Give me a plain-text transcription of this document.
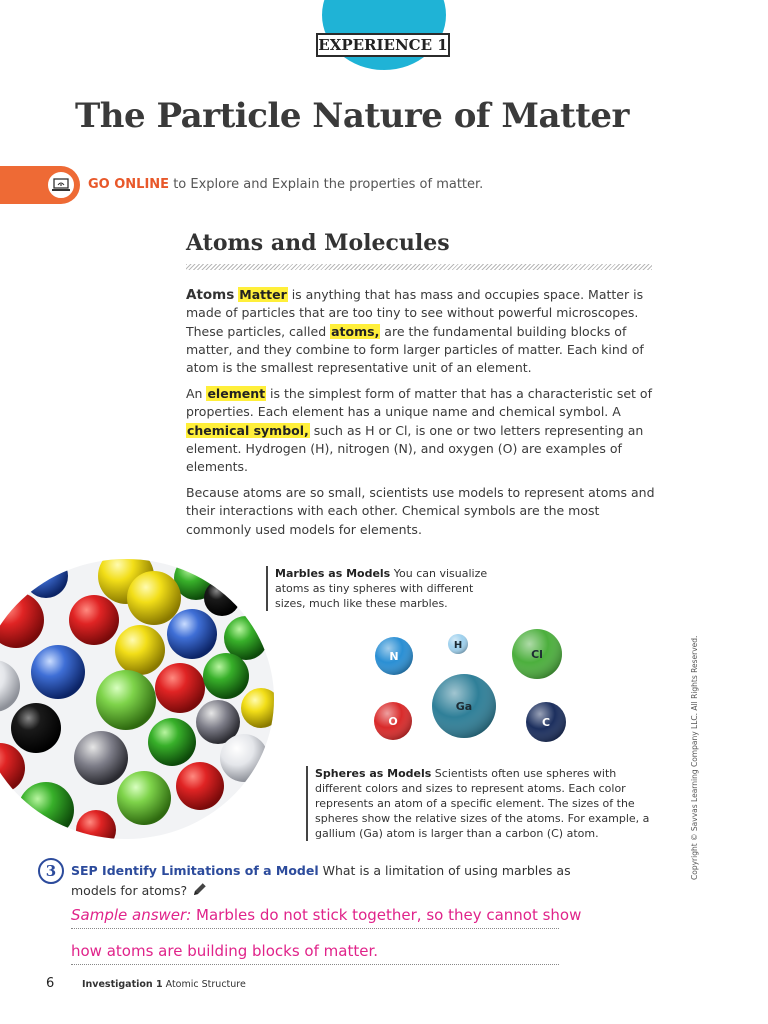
EXPERIENCE 1
The Particle Nature of Matter
GO ONLINE to Explore and Explain the properties of matter.
Atoms and Molecules

Atoms Matter is anything that has mass and occupies space. Matter is made of particles that are too tiny to see without powerful microscopes. These particles, called atoms, are the fundamental building blocks of matter, and they combine to form larger particles of matter. Each kind of atom is the smallest representative unit of an element.

An element is the simplest form of matter that has a characteristic set of properties. Each element has a unique name and chemical symbol. A chemical symbol, such as H or Cl, is one or two letters representing an element. Hydrogen (H), nitrogen (N), and oxygen (O) are examples of elements.

Because atoms are so small, scientists use models to represent atoms and their interactions with each other. Chemical symbols are the most commonly used models for elements.

Marbles as Models You can visualize atoms as tiny spheres with different sizes, much like these marbles.

N
H
Cl
Ga
O	C

Spheres as Models Scientists often use spheres with different colors and sizes to represent atoms. Each color represents an atom of a specific element. The sizes of the spheres show the relative sizes of the atoms. For example, a gallium (Ga) atom is larger than a carbon (C) atom.	Copyright © Savvas Learning Company LLC. All Rights Reserved.
3	SEP Identify Limitations of a Model What is a limitation of using marbles as models for atoms?

Sample answer: Marbles do not stick together, so they cannot show
how atoms are building blocks of matter.
6	Investigation 1 Atomic Structure
